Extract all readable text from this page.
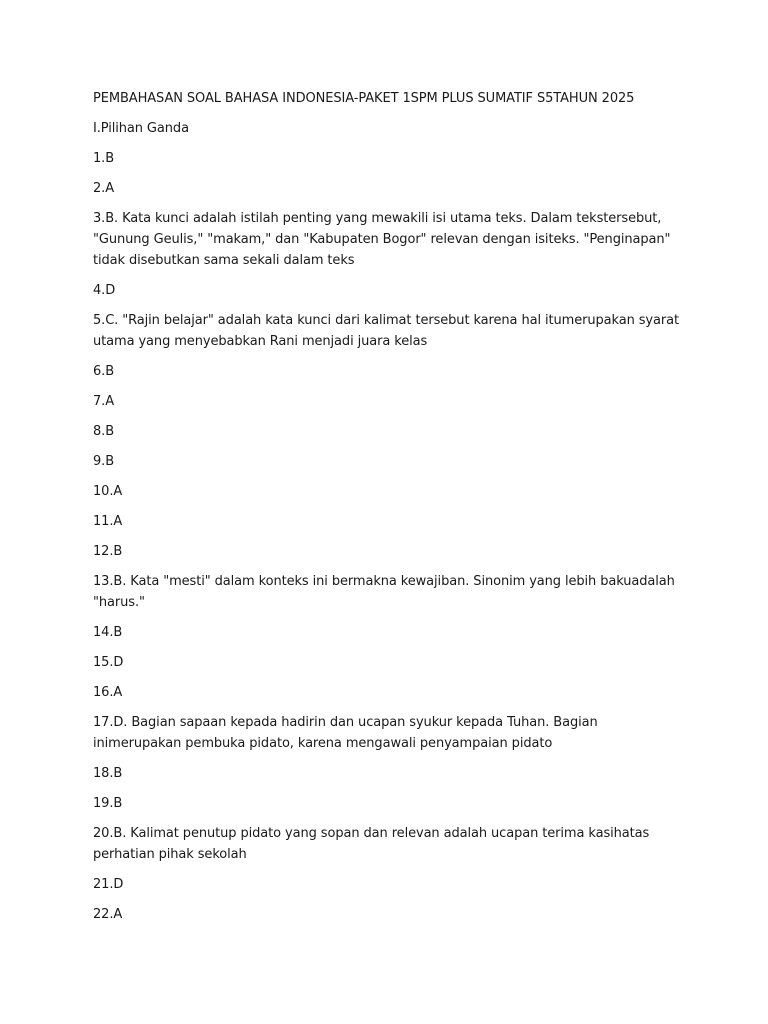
PEMBAHASAN SOAL BAHASA INDONESIA-PAKET 1SPM PLUS SUMATIF S5TAHUN 2025

I.Pilihan Ganda

1.B

2.A

3.B. Kata kunci adalah istilah penting yang mewakili isi utama teks. Dalam tekstersebut, "Gunung Geulis," "makam," dan "Kabupaten Bogor" relevan dengan isiteks. "Penginapan" tidak disebutkan sama sekali dalam teks

4.D

5.C. "Rajin belajar" adalah kata kunci dari kalimat tersebut karena hal itumerupakan syarat utama yang menyebabkan Rani menjadi juara kelas

6.B

7.A

8.B

9.B

10.A

11.A

12.B

13.B. Kata "mesti" dalam konteks ini bermakna kewajiban. Sinonim yang lebih bakuadalah "harus."

14.B

15.D

16.A

17.D. Bagian sapaan kepada hadirin dan ucapan syukur kepada Tuhan. Bagian inimerupakan pembuka pidato, karena mengawali penyampaian pidato

18.B

19.B

20.B. Kalimat penutup pidato yang sopan dan relevan adalah ucapan terima kasihatas perhatian pihak sekolah

21.D

22.A
